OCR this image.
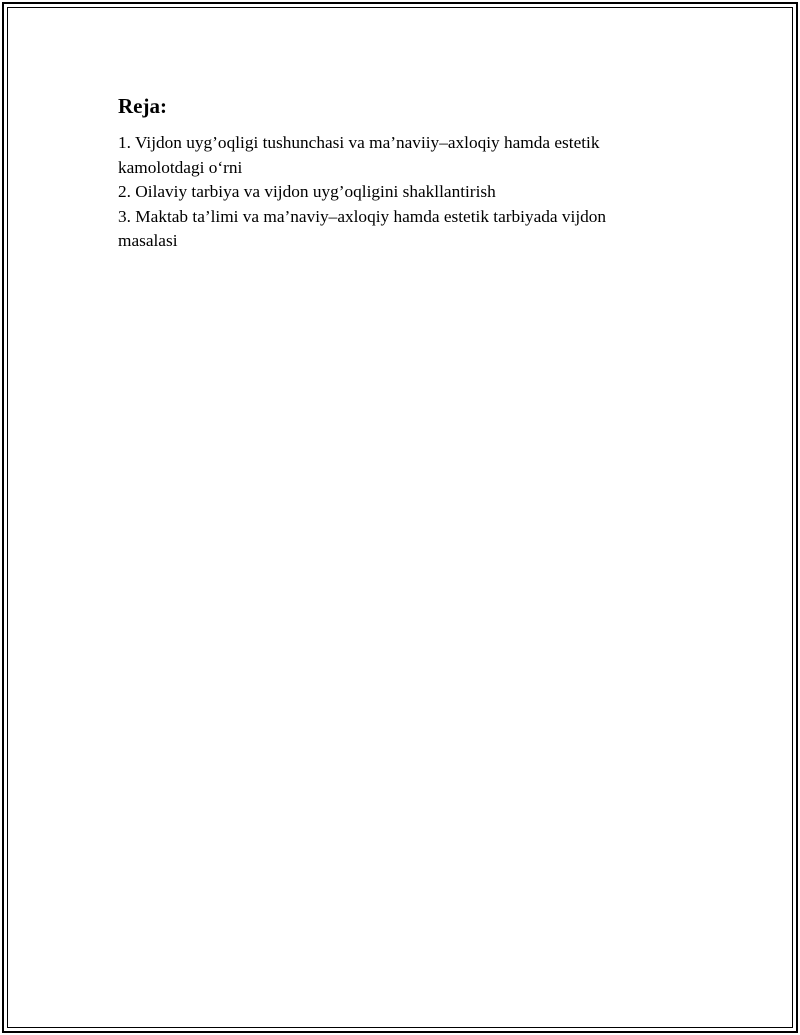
Reja:
1. Vijdon uyg’oqligi tushunchasi va ma’naviiy–axloqiy hamda estetik kamolotdagi o‘rni
2. Oilaviy tarbiya va vijdon uyg’oqligini shakllantirish
3. Maktab ta’limi va ma’naviy–axloqiy hamda estetik tarbiyada vijdon masalasi
